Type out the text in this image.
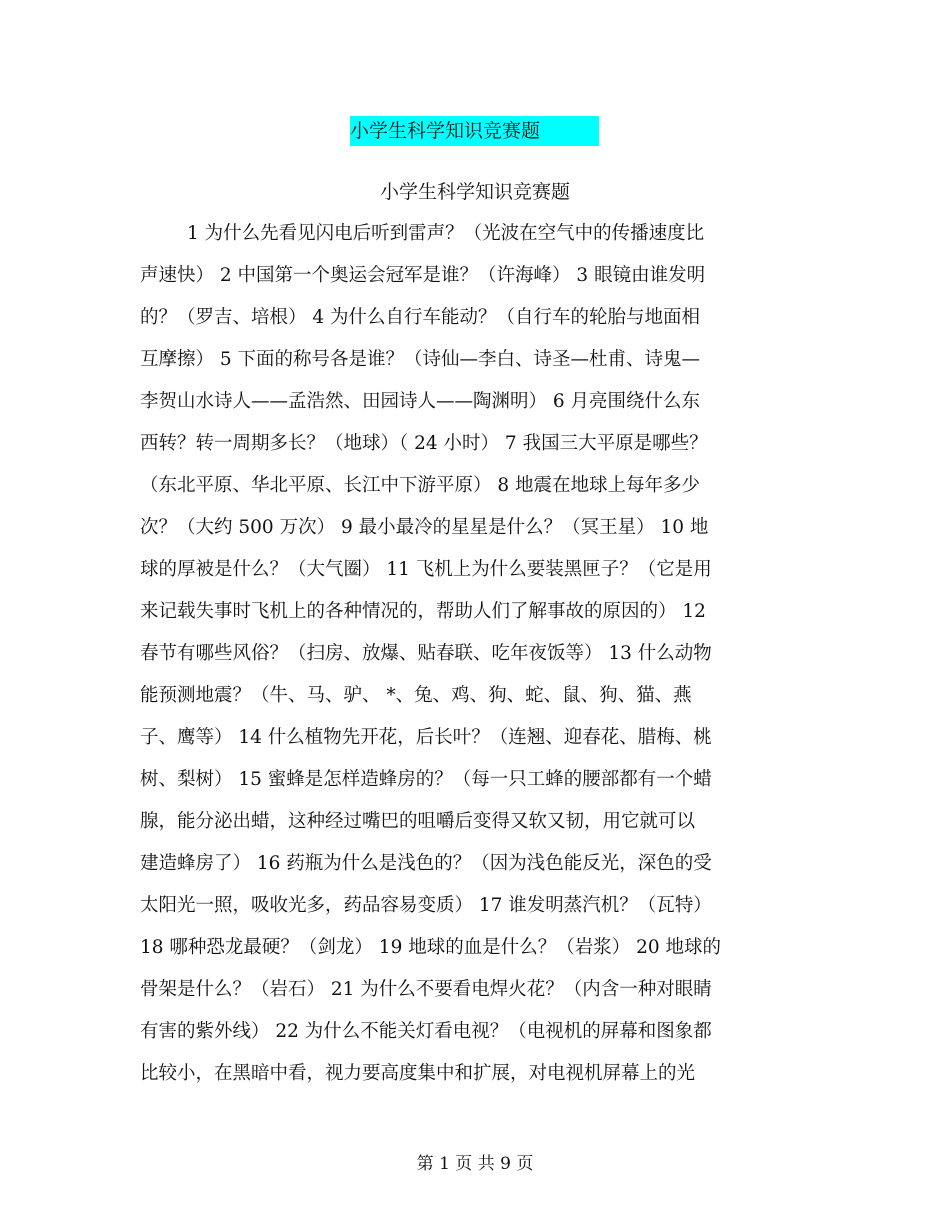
小学生科学知识竞赛题
小学生科学知识竞赛题
1 为什么先看见闪电后听到雷声？（光波在空气中的传播速度比
声速快） 2 中国第一个奥运会冠军是谁？（许海峰） 3 眼镜由谁发明
的？（罗吉、培根） 4 为什么自行车能动？（自行车的轮胎与地面相
互摩擦） 5 下面的称号各是谁？（诗仙—李白、诗圣—杜甫、诗鬼—
李贺山水诗人——孟浩然、田园诗人——陶渊明） 6 月亮围绕什么东
西转？转一周期多长？（地球）（ 24 小时） 7 我国三大平原是哪些？
（东北平原、华北平原、长江中下游平原） 8 地震在地球上每年多少
次？（大约 500 万次） 9 最小最冷的星星是什么？（冥王星） 10 地
球的厚被是什么？（大气圈） 11 飞机上为什么要装黑匣子？（它是用
来记载失事时飞机上的各种情况的，帮助人们了解事故的原因的） 12
春节有哪些风俗？（扫房、放爆、贴春联、吃年夜饭等） 13 什么动物
能预测地震？（牛、马、驴、 *、兔、鸡、狗、蛇、鼠、狗、猫、燕
子、鹰等） 14 什么植物先开花，后长叶？（连翘、迎春花、腊梅、桃
树、梨树） 15 蜜蜂是怎样造蜂房的？（每一只工蜂的腰部都有一个蜡
腺，能分泌出蜡，这种经过嘴巴的咀嚼后变得又软又韧，用它就可以
建造蜂房了） 16 药瓶为什么是浅色的？（因为浅色能反光，深色的受
太阳光一照，吸收光多，药品容易变质） 17 谁发明蒸汽机？（瓦特）
18 哪种恐龙最硬？（剑龙） 19 地球的血是什么？（岩浆） 20 地球的
骨架是什么？（岩石） 21 为什么不要看电焊火花？（内含一种对眼睛
有害的紫外线） 22 为什么不能关灯看电视？（电视机的屏幕和图象都
比较小，在黑暗中看，视力要高度集中和扩展，对电视机屏幕上的光
第 1 页 共 9 页
